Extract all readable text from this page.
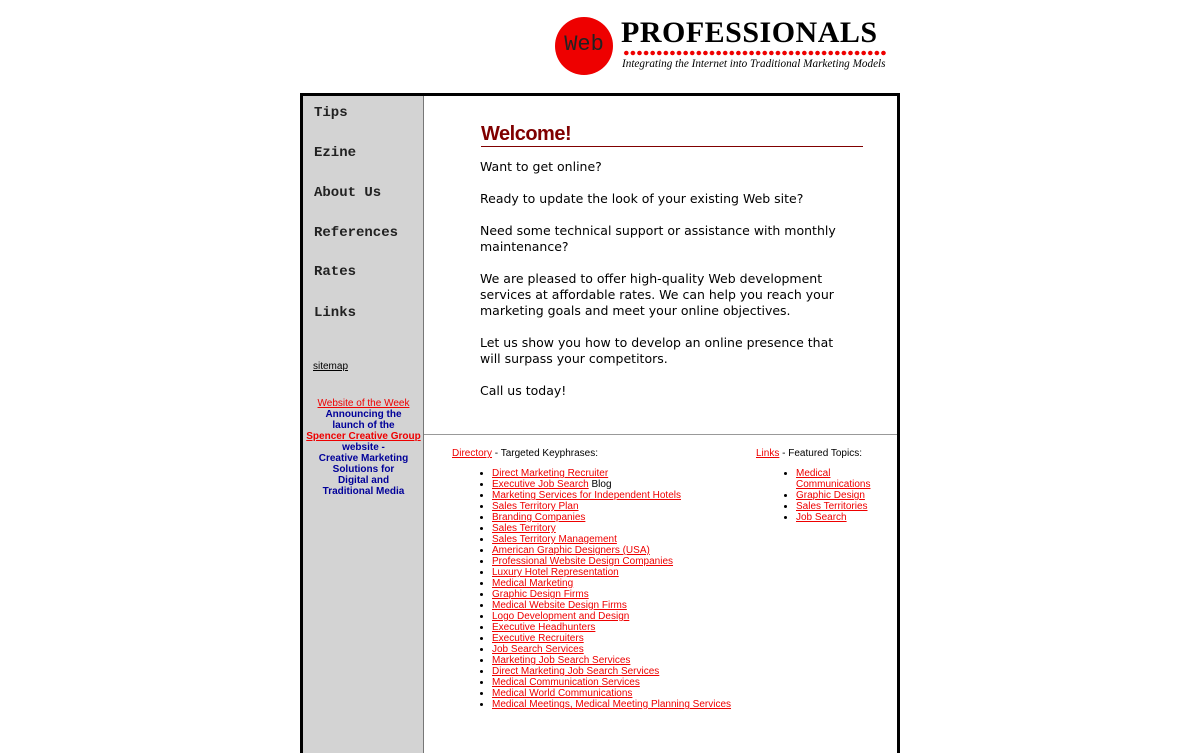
Web PROFESSIONALS
Integrating the Internet into Traditional Marketing Models
Tips
Ezine
About Us
References
Rates
Links
sitemap
Website of the Week
Announcing the
launch of the
Spencer Creative Group
website -
Creative Marketing
Solutions for
Digital and
Traditional Media
Welcome!

Want to get online?

Ready to update the look of your existing Web site?

Need some technical support or assistance with monthly maintenance?

We are pleased to offer high-quality Web development services at affordable rates. We can help you reach your marketing goals and meet your online objectives.

Let us show you how to develop an online presence that will surpass your competitors.

Call us today!

Directory - Targeted Keyphrases:
• Direct Marketing Recruiter
• Executive Job Search Blog
• Marketing Services for Independent Hotels
• Sales Territory Plan
• Branding Companies
• Sales Territory
• Sales Territory Management
• American Graphic Designers (USA)
• Professional Website Design Companies
• Luxury Hotel Representation
• Medical Marketing
• Graphic Design Firms
• Medical Website Design Firms
• Logo Development and Design
• Executive Headhunters
• Executive Recruiters
• Job Search Services
• Marketing Job Search Services
• Direct Marketing Job Search Services
• Medical Communication Services
• Medical World Communications
• Medical Meetings, Medical Meeting Planning Services
Links - Featured Topics:
• Medical Communications
• Graphic Design
• Sales Territories
• Job Search
